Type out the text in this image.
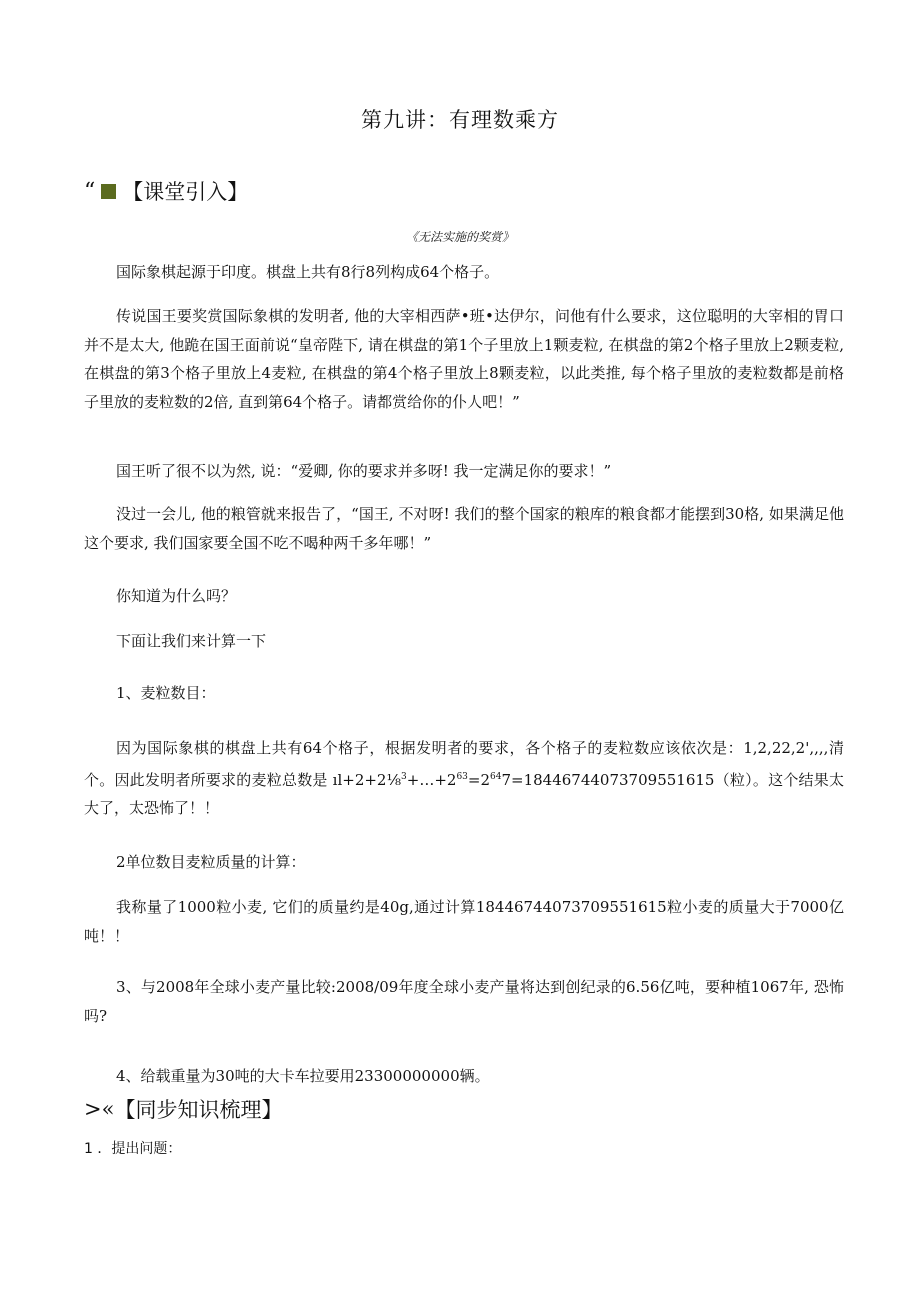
第九讲：有理数乘方
“ 【课堂引入】
《无法实施的奖赏》

国际象棋起源于印度。棋盘上共有8行8列构成64个格子。

传说国王要奖赏国际象棋的发明者, 他的大宰相西萨•班•达伊尔，问他有什么要求，这位聪明的大宰相的胃口并不是太大, 他跪在国王面前说“皇帝陛下, 请在棋盘的第1个子里放上1颗麦粒, 在棋盘的第2个格子里放上2颗麦粒, 在棋盘的第3个格子里放上4麦粒, 在棋盘的第4个格子里放上8颗麦粒，以此类推, 每个格子里放的麦粒数都是前格子里放的麦粒数的2倍, 直到第64个格子。请都赏给你的仆人吧！”

国王听了很不以为然, 说：“爱卿, 你的要求并多呀! 我一定满足你的要求！”

没过一会儿, 他的粮管就来报告了，“国王, 不对呀! 我们的整个国家的粮库的粮食都才能摆到30格, 如果满足他这个要求, 我们国家要全国不吃不喝种两千多年哪！”

你知道为什么吗？

下面让我们来计算一下

1、麦粒数目：

因为国际象棋的棋盘上共有64个格子，根据发明者的要求，各个格子的麦粒数应该依次是：1,2,22,2',,,,清个。因此发明者所要求的麦粒总数是 $ıl+2+2\frac{1}{8}^3+\dots+2^{63}=2^{64}7=18446744073709551615$（粒）。这个结果太大了，太恐怖了！！

2单位数目麦粒质量的计算：

我称量了1000粒小麦, 它们的质量约是40g,通过计算18446744073709551615粒小麦的质量大于7000亿吨！！

3、与2008年全球小麦产量比较:2008/09年度全球小麦产量将达到创纪录的6.56亿吨，要种植1067年, 恐怖吗?

4、给载重量为30吨的大卡车拉要用23300000000辆。

>« 【同步知识梳理】
1 ．提出问题：
